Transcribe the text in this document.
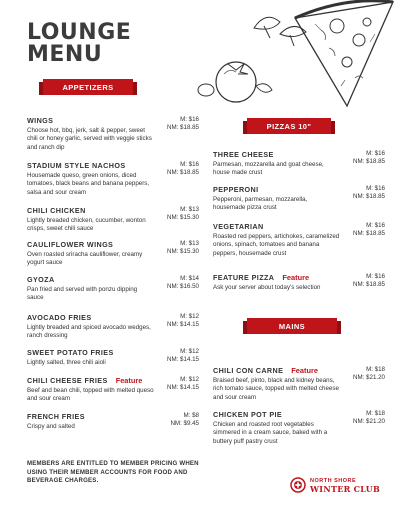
LOUNGE
MENU
APPETIZERS
WINGS
Choose hot, bbq, jerk, salt & pepper, sweet chili or honey garlic, served with veggie sticks and ranch dip
M: $16
NM: $18.85
STADIUM STYLE NACHOS
Housemade queso, green onions, diced tomatoes, black beans and banana peppers, salsa and sour cream
M: $16
NM: $18.85
CHILI CHICKEN
Lightly breaded chicken, cucumber, wonton crisps, sweet chili sauce
M: $13
NM: $15.30
CAULIFLOWER WINGS
Oven roasted sriracha cauliflower, creamy yogurt sauce
M: $13
NM: $15.30
GYOZA
Pan fried and served with ponzu dipping sauce
M: $14
NM: $16.50
AVOCADO FRIES
Lightly breaded and spiced avocado wedges, ranch dressing
M: $12
NM: $14.15
SWEET POTATO FRIES
Lightly salted, three chili aioli
M: $12
NM: $14.15
CHILI CHEESE FRIES Feature
Beef and bean chili, topped with melted queso and sour cream
M: $12
NM: $14.15
FRENCH FRIES
Crispy and salted
M: $8
NM: $9.45
PIZZAS 10"
THREE CHEESE
Parmesan, mozzarella and goat cheese, house made crust
M: $16
NM: $18.85
PEPPERONI
Pepperoni, parmesan, mozzarella, housemade pizza crust
M: $16
NM: $18.85
VEGETARIAN
Roasted red peppers, artichokes, caramelized onions, spinach, tomatoes and banana peppers, housemade crust
M: $16
NM: $18.85
FEATURE PIZZA Feature
Ask your server about today's selection
M: $16
NM: $18.85
MAINS
CHILI CON CARNE Feature
Braised beef, pinto, black and kidney beans, rich tomato sauce, topped with melted cheese and sour cream
M: $18
NM: $21.20
CHICKEN POT PIE
Chicken and roasted root vegetables simmered in a cream sauce, baked with a buttery puff pastry crust
M: $18
NM: $21.20
MEMBERS ARE ENTITLED TO MEMBER PRICING WHEN USING THEIR MEMBER ACCOUNTS FOR FOOD AND BEVERAGE CHARGES.	NORTH SHORE
WINTER CLUB
